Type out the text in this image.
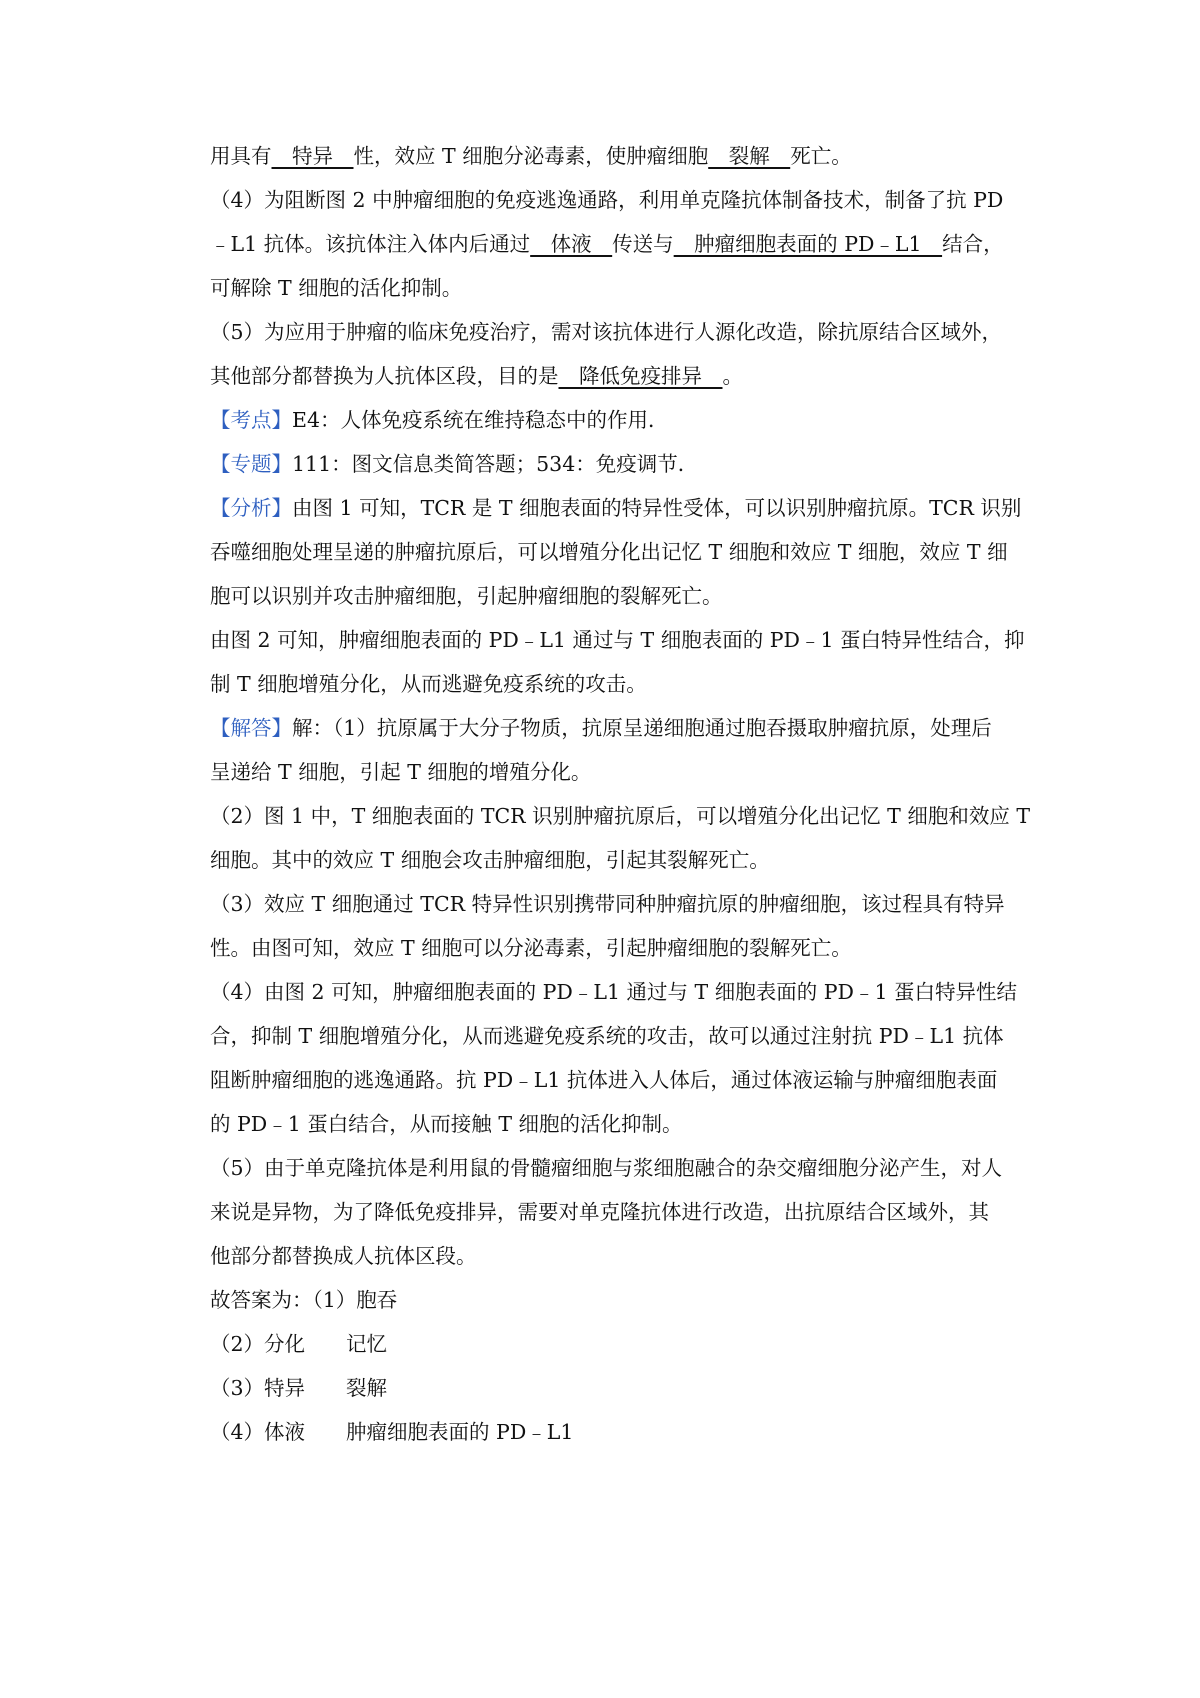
用具有　特异　性，效应 T 细胞分泌毒素，使肿瘤细胞　裂解　死亡。
（4）为阻断图 2 中肿瘤细胞的免疫逃逸通路，利用单克隆抗体制备技术，制备了抗 PD
﹣L1 抗体。该抗体注入体内后通过　体液　传送与　肿瘤细胞表面的 PD﹣L1　结合，
可解除 T 细胞的活化抑制。
（5）为应用于肿瘤的临床免疫治疗，需对该抗体进行人源化改造，除抗原结合区域外，
其他部分都替换为人抗体区段，目的是　降低免疫排异　。
【考点】E4：人体免疫系统在维持稳态中的作用．
【专题】111：图文信息类简答题；534：免疫调节．
【分析】由图 1 可知，TCR 是 T 细胞表面的特异性受体，可以识别肿瘤抗原。TCR 识别
吞噬细胞处理呈递的肿瘤抗原后，可以增殖分化出记忆 T 细胞和效应 T 细胞，效应 T 细
胞可以识别并攻击肿瘤细胞，引起肿瘤细胞的裂解死亡。
由图 2 可知，肿瘤细胞表面的 PD﹣L1 通过与 T 细胞表面的 PD﹣1 蛋白特异性结合，抑
制 T 细胞增殖分化，从而逃避免疫系统的攻击。
【解答】解：（1）抗原属于大分子物质，抗原呈递细胞通过胞吞摄取肿瘤抗原，处理后
呈递给 T 细胞，引起 T 细胞的增殖分化。
（2）图 1 中，T 细胞表面的 TCR 识别肿瘤抗原后，可以增殖分化出记忆 T 细胞和效应 T
细胞。其中的效应 T 细胞会攻击肿瘤细胞，引起其裂解死亡。
（3）效应 T 细胞通过 TCR 特异性识别携带同种肿瘤抗原的肿瘤细胞，该过程具有特异
性。由图可知，效应 T 细胞可以分泌毒素，引起肿瘤细胞的裂解死亡。
（4）由图 2 可知，肿瘤细胞表面的 PD﹣L1 通过与 T 细胞表面的 PD﹣1 蛋白特异性结
合，抑制 T 细胞增殖分化，从而逃避免疫系统的攻击，故可以通过注射抗 PD﹣L1 抗体
阻断肿瘤细胞的逃逸通路。抗 PD﹣L1 抗体进入人体后，通过体液运输与肿瘤细胞表面
的 PD﹣1 蛋白结合，从而接触 T 细胞的活化抑制。
（5）由于单克隆抗体是利用鼠的骨髓瘤细胞与浆细胞融合的杂交瘤细胞分泌产生，对人
来说是异物，为了降低免疫排异，需要对单克隆抗体进行改造，出抗原结合区域外，其
他部分都替换成人抗体区段。
故答案为：（1）胞吞
（2）分化　　记忆
（3）特异　　裂解
（4）体液　　肿瘤细胞表面的 PD﹣L1
